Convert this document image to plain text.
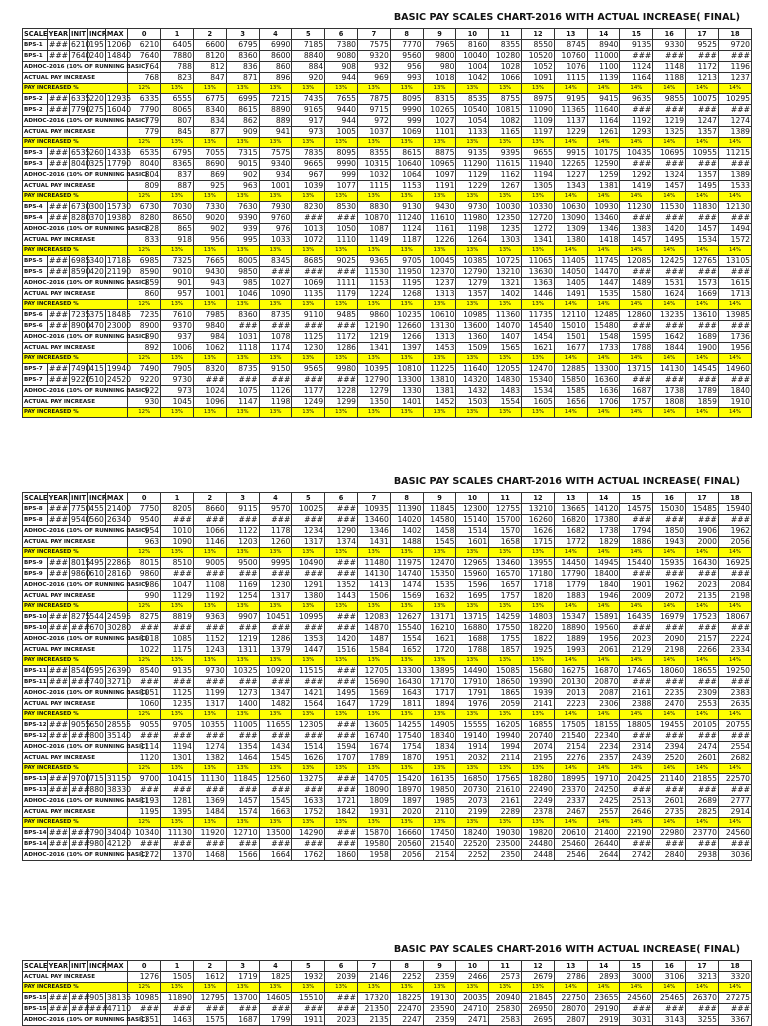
BASIC PAY SCALES CHART-2016 WITH ACTUAL INCREASE( FINAL)
SCALE	YEAR	INIT	INCR	MAX	0	1	2	3	4	5	6	7	8	9	10	11	12	13	14	15	16	17	18
BPS-1	###	6210	195	12060	6210	6405	6600	6795	6990	7185	7380	7575	7770	7965	8160	8355	8550	8745	8940	9135	9330	9525	9720
BPS-1	###	7640	240	14840	7640	7880	8120	8360	8600	8840	9080	9320	9560	9800	10040	10280	10520	10760	11000	###	###	###	###
ADHOC-2016 (10% OF RUNNING BASIC)					764	788	812	836	860	884	908	932	956	980	1004	1028	1052	1076	1100	1124	1148	1172	1196
ACTUAL PAY INCREASE					768	823	847	871	896	920	944	969	993	1018	1042	1066	1091	1115	1139	1164	1188	1213	1237
PAY INCREASED %					12%	13%	13%	13%	13%	13%	13%	13%	13%	13%	13%	13%	13%	14%	14%	14%	14%	14%	14%
BPS-2	###	6335	220	12935	6335	6555	6775	6995	7215	7435	7655	7875	8095	8315	8535	8755	8975	9195	9415	9635	9855	10075	10295
BPS-2	###	7790	275	16040	7790	8065	8340	8615	8890	9165	9440	9715	9990	10265	10540	10815	11090	11365	11640	###	###	###	###
ADHOC-2016 (10% OF RUNNING BASIC)					779	807	834	862	889	917	944	972	999	1027	1054	1082	1109	1137	1164	1192	1219	1247	1274
ACTUAL PAY INCREASE					779	845	877	909	941	973	1005	1037	1069	1101	1133	1165	1197	1229	1261	1293	1325	1357	1389
PAY INCREASED %					12%	13%	13%	13%	13%	13%	13%	13%	13%	13%	13%	13%	13%	14%	14%	14%	14%	14%	14%
BPS-3	###	6535	260	14335	6535	6795	7055	7315	7575	7835	8095	8355	8615	8875	9135	9395	9655	9915	10175	10435	10695	10955	11215
BPS-3	###	8040	325	17790	8040	8365	8690	9015	9340	9665	9990	10315	10640	10965	11290	11615	11940	12265	12590	###	###	###	###
ADHOC-2016 (10% OF RUNNING BASIC)					804	837	869	902	934	967	999	1032	1064	1097	1129	1162	1194	1227	1259	1292	1324	1357	1389
ACTUAL PAY INCREASE					809	887	925	963	1001	1039	1077	1115	1153	1191	1229	1267	1305	1343	1381	1419	1457	1495	1533
PAY INCREASED %					12%	13%	13%	13%	13%	13%	13%	13%	13%	13%	13%	13%	13%	14%	14%	14%	14%	14%	14%
BPS-4	###	6730	300	15730	6730	7030	7330	7630	7930	8230	8530	8830	9130	9430	9730	10030	10330	10630	10930	11230	11530	11830	12130
BPS-4	###	8280	370	19380	8280	8650	9020	9390	9760	###	###	10870	11240	11610	11980	12350	12720	13090	13460	###	###	###	###
ADHOC-2016 (10% OF RUNNING BASIC)					828	865	902	939	976	1013	1050	1087	1124	1161	1198	1235	1272	1309	1346	1383	1420	1457	1494
ACTUAL PAY INCREASE					833	918	956	995	1033	1072	1110	1149	1187	1226	1264	1303	1341	1380	1418	1457	1495	1534	1572
PAY INCREASED %					12%	13%	13%	13%	13%	13%	13%	13%	13%	13%	13%	13%	13%	14%	14%	14%	14%	14%	14%
BPS-5	###	6985	340	17185	6985	7325	7665	8005	8345	8685	9025	9365	9705	10045	10385	10725	11065	11405	11745	12085	12425	12765	13105
BPS-5	###	8590	420	21190	8590	9010	9430	9850	###	###	###	11530	11950	12370	12790	13210	13630	14050	14470	###	###	###	###
ADHOC-2016 (10% OF RUNNING BASIC)					859	901	943	985	1027	1069	1111	1153	1195	1237	1279	1321	1363	1405	1447	1489	1531	1573	1615
ACTUAL PAY INCREASE					860	957	1001	1046	1090	1135	1179	1224	1268	1313	1357	1402	1446	1491	1535	1580	1624	1669	1713
PAY INCREASED %					12%	13%	13%	13%	13%	13%	13%	13%	13%	13%	13%	13%	13%	14%	14%	14%	14%	14%	14%
BPS-6	###	7235	375	18485	7235	7610	7985	8360	8735	9110	9485	9860	10235	10610	10985	11360	11735	12110	12485	12860	13235	13610	13985
BPS-6	###	8900	470	23000	8900	9370	9840	###	###	###	###	12190	12660	13130	13600	14070	14540	15010	15480	###	###	###	###
ADHOC-2016 (10% OF RUNNING BASIC)					890	937	984	1031	1078	1125	1172	1219	1266	1313	1360	1407	1454	1501	1548	1595	1642	1689	1736
ACTUAL PAY INCREASE					892	1006	1062	1118	1174	1230	1286	1341	1397	1453	1509	1565	1621	1677	1733	1788	1844	1900	1956
PAY INCREASED %					12%	13%	13%	13%	13%	13%	13%	13%	13%	13%	13%	13%	13%	14%	14%	14%	14%	14%	14%
BPS-7	###	7490	415	19940	7490	7905	8320	8735	9150	9565	9980	10395	10810	11225	11640	12055	12470	12885	13300	13715	14130	14545	14960
BPS-7	###	9220	510	24520	9220	9730	###	###	###	###	###	12790	13300	13810	14320	14830	15340	15850	16360	###	###	###	###
ADHOC-2016 (10% OF RUNNING BASIC)					922	973	1024	1075	1126	1177	1228	1279	1330	1381	1432	1483	1534	1585	1636	1687	1738	1789	1840
ACTUAL PAY INCREASE					930	1045	1096	1147	1198	1249	1299	1350	1401	1452	1503	1554	1605	1656	1706	1757	1808	1859	1910
PAY INCREASED %					12%	13%	13%	13%	13%	13%	13%	13%	13%	13%	13%	13%	13%	14%	14%	14%	14%	14%	14%
BASIC PAY SCALES CHART-2016 WITH ACTUAL INCREASE( FINAL)
SCALE	YEAR	INIT	INCR	MAX	0	1	2	3	4	5	6	7	8	9	10	11	12	13	14	15	16	17	18
BPS-8	###	7750	455	21400	7750	8205	8660	9115	9570	10025	###	10935	11390	11845	12300	12755	13210	13665	14120	14575	15030	15485	15940
BPS-8	###	9540	560	26340	9540	###	###	###	###	###	###	13460	14020	14580	15140	15700	16260	16820	17380	###	###	###	###
ADHOC-2016 (10% OF RUNNING BASIC)					954	1010	1066	1122	1178	1234	1290	1346	1402	1458	1514	1570	1626	1682	1738	1794	1850	1906	1962
ACTUAL PAY INCREASE					963	1090	1146	1203	1260	1317	1374	1431	1488	1545	1601	1658	1715	1772	1829	1886	1943	2000	2056
PAY INCREASED %					12%	13%	13%	13%	13%	13%	13%	13%	13%	13%	13%	13%	13%	14%	14%	14%	14%	14%	14%
BPS-9	###	8015	495	22865	8015	8510	9005	9500	9995	10490	###	11480	11975	12470	12965	13460	13955	14450	14945	15440	15935	16430	16925
BPS-9	###	9860	610	28160	9860	###	###	###	###	###	###	14130	14740	15350	15960	16570	17180	17790	18400	###	###	###	###
ADHOC-2016 (10% OF RUNNING BASIC)					986	1047	1108	1169	1230	1291	1352	1413	1474	1535	1596	1657	1718	1779	1840	1901	1962	2023	2084
ACTUAL PAY INCREASE					990	1129	1192	1254	1317	1380	1443	1506	1569	1632	1695	1757	1820	1883	1946	2009	2072	2135	2198
PAY INCREASED %					12%	13%	13%	13%	13%	13%	13%	13%	13%	13%	13%	13%	13%	14%	14%	14%	14%	14%	14%
BPS-10	###	8275	544	24595	8275	8819	9363	9907	10451	10995	###	12083	12627	13171	13715	14259	14803	15347	15891	16435	16979	17523	18067
BPS-10	###	###	670	30280	###	###	###	###	###	###	###	14870	15540	16210	16880	17550	18220	18890	19560	###	###	###	###
ADHOC-2016 (10% OF RUNNING BASIC)					1018	1085	1152	1219	1286	1353	1420	1487	1554	1621	1688	1755	1822	1889	1956	2023	2090	2157	2224
ACTUAL PAY INCREASE					1022	1175	1243	1311	1379	1447	1516	1584	1652	1720	1788	1857	1925	1993	2061	2129	2198	2266	2334
PAY INCREASED %					12%	13%	13%	13%	13%	13%	13%	13%	13%	13%	13%	13%	13%	14%	14%	14%	14%	14%	14%
BPS-11	###	8540	595	26390	8540	9135	9730	10325	10920	11515	###	12705	13300	13895	14490	15085	15680	16275	16870	17465	18060	18655	19250
BPS-11	###	###	740	32710	###	###	###	###	###	###	###	15690	16430	17170	17910	18650	19390	20130	20870	###	###	###	###
ADHOC-2016 (10% OF RUNNING BASIC)					1051	1125	1199	1273	1347	1421	1495	1569	1643	1717	1791	1865	1939	2013	2087	2161	2235	2309	2383
ACTUAL PAY INCREASE					1060	1235	1317	1400	1482	1564	1647	1729	1811	1894	1976	2059	2141	2223	2306	2388	2470	2553	2635
PAY INCREASED %					12%	13%	13%	13%	13%	13%	13%	13%	13%	13%	13%	13%	13%	14%	14%	14%	14%	14%	14%
BPS-12	###	9055	650	28555	9055	9705	10355	11005	11655	12305	###	13605	14255	14905	15555	16205	16855	17505	18155	18805	19455	20105	20755
BPS-12	###	###	800	35140	###	###	###	###	###	###	###	16740	17540	18340	19140	19940	20740	21540	22340	###	###	###	###
ADHOC-2016 (10% OF RUNNING BASIC)					1114	1194	1274	1354	1434	1514	1594	1674	1754	1834	1914	1994	2074	2154	2234	2314	2394	2474	2554
ACTUAL PAY INCREASE					1120	1301	1382	1464	1545	1626	1707	1789	1870	1951	2032	2114	2195	2276	2357	2439	2520	2601	2682
PAY INCREASED %					12%	13%	13%	13%	13%	13%	13%	13%	13%	13%	13%	13%	13%	14%	14%	14%	14%	14%	14%
BPS-13	###	9700	715	31150	9700	10415	11130	11845	12560	13275	###	14705	15420	16135	16850	17565	18280	18995	19710	20425	21140	21855	22570
BPS-13	###	###	880	38330	###	###	###	###	###	###	###	18090	18970	19850	20730	21610	22490	23370	24250	###	###	###	###
ADHOC-2016 (10% OF RUNNING BASIC)					1193	1281	1369	1457	1545	1633	1721	1809	1897	1985	2073	2161	2249	2337	2425	2513	2601	2689	2777
ACTUAL PAY INCREASE					1195	1395	1484	1574	1663	1752	1842	1931	2020	2110	2199	2289	2378	2467	2557	2646	2735	2825	2914
PAY INCREASED %					12%	13%	13%	13%	13%	13%	13%	13%	13%	13%	13%	13%	13%	14%	14%	14%	14%	14%	14%
BPS-14	###	###	790	34040	10340	11130	11920	12710	13500	14290	###	15870	16660	17450	18240	19030	19820	20610	21400	22190	22980	23770	24560
BPS-14	###	###	980	42120	###	###	###	###	###	###	###	19580	20560	21540	22520	23500	24480	25460	26440	###	###	###	###
ADHOC-2016 (10% OF RUNNING BASIC)					1272	1370	1468	1566	1664	1762	1860	1958	2056	2154	2252	2350	2448	2546	2644	2742	2840	2938	3036
BASIC PAY SCALES CHART-2016 WITH ACTUAL INCREASE( FINAL)
SCALE	YEAR	INIT	INCR	MAX	0	1	2	3	4	5	6	7	8	9	10	11	12	13	14	15	16	17	18
ACTUAL PAY INCREASE					1276	1505	1612	1719	1825	1932	2039	2146	2252	2359	2466	2573	2679	2786	2893	3000	3106	3213	3320
PAY INCREASED %					12%	13%	13%	13%	13%	13%	13%	13%	13%	13%	13%	13%	13%	14%	14%	14%	14%	14%	14%
BPS-15	###	###	905	38135	10985	11890	12795	13700	14605	15510	###	17320	18225	19130	20035	20940	21845	22750	23655	24560	25465	26370	27275
BPS-15	###	###	###	47110	###	###	###	###	###	###	###	21350	22470	23590	24710	25830	26950	28070	29190	###	###	###	###
ADHOC-2016 (10% OF RUNNING BASIC)					1351	1463	1575	1687	1799	1911	2023	2135	2247	2359	2471	2583	2695	2807	2919	3031	3143	3255	3367
